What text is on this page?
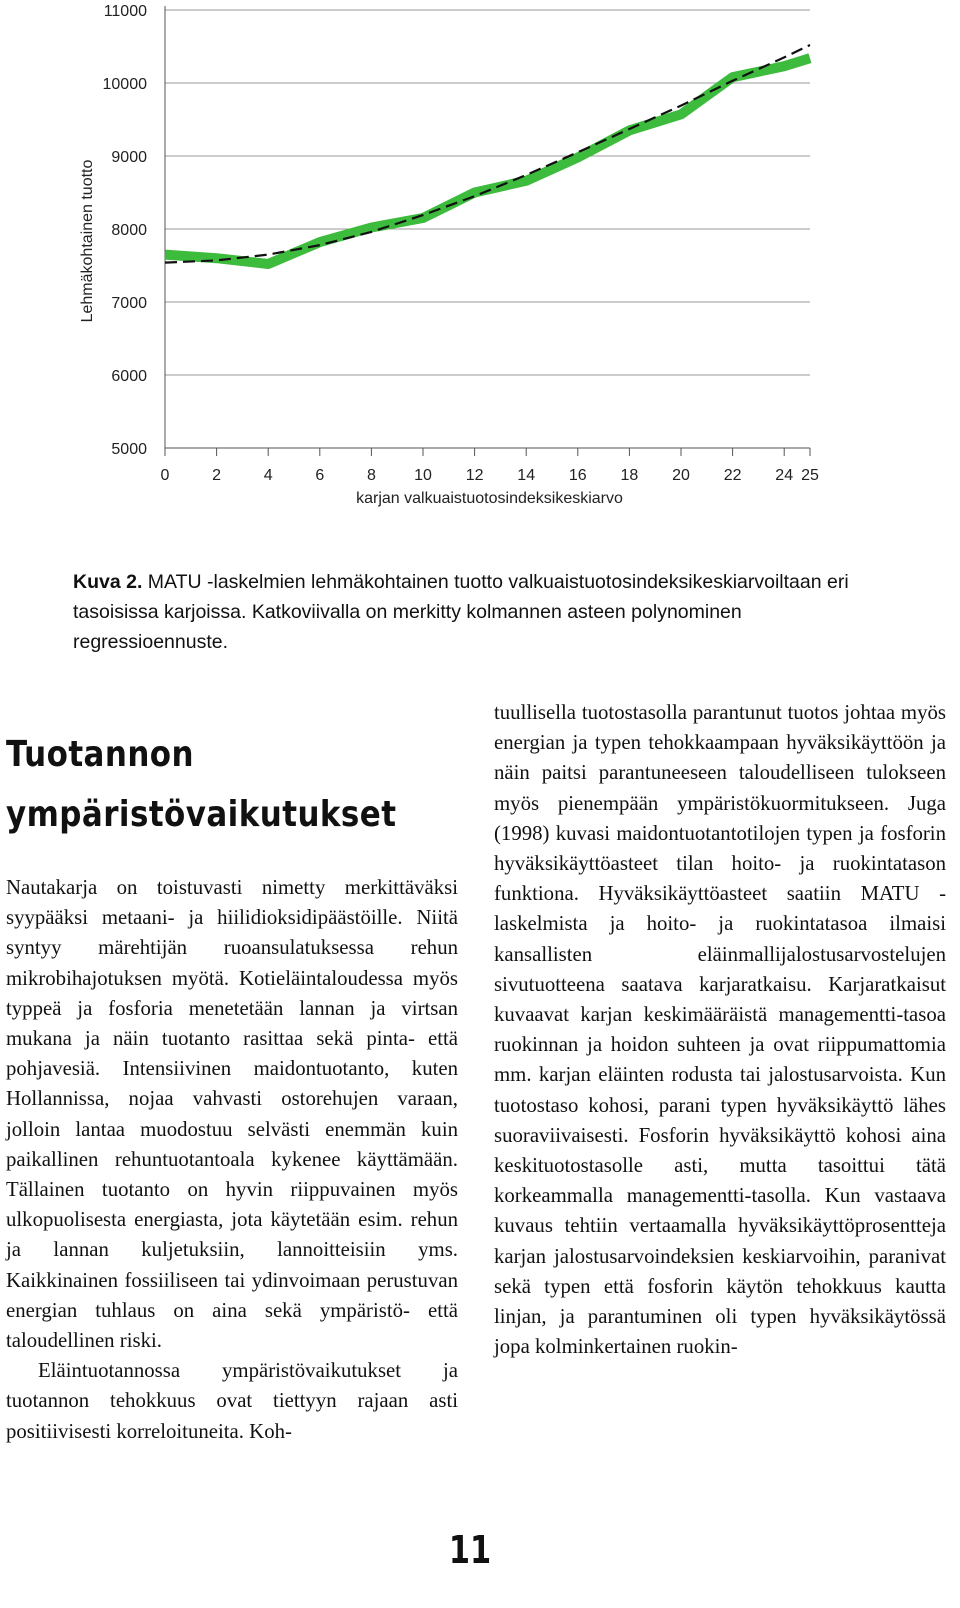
11000
10000
9000
8000
7000
6000
5000
0	2	4	6	8 10 12 14 16 18 20 22 24 25
karjan valkuaistuotosindeksikeskiarvo
Lehmäkohtainen tuotto
Kuva 2. MATU -laskelmien lehmäkohtainen tuotto valkuaistuotosindeksikeskiarvoiltaan eri tasoisissa karjoissa. Katkoviivalla on merkitty kolmannen asteen polynominen regressioennuste.
Tuotannon ympäristövaikutukset

Nautakarja on toistuvasti nimetty merkittäväksi syypääksi metaani- ja hiilidioksidipäästöille. Niitä syntyy märehtijän ruoansulatuksessa rehun mikrobihajotuksen myötä. Kotieläintaloudessa myös typpeä ja fosforia menetetään lannan ja virtsan mukana ja näin tuotanto rasittaa sekä pinta- että pohjavesiä. Intensiivinen maidontuotanto, kuten Hollannissa, nojaa vahvasti ostorehujen varaan, jolloin lantaa muodostuu selvästi enemmän kuin paikallinen rehuntuotantoala kykenee käyttämään. Tällainen tuotanto on hyvin riippuvainen myös ulkopuolisesta energiasta, jota käytetään esim. rehun ja lannan kuljetuksiin, lannoitteisiin yms. Kaikkinainen fossiiliseen tai ydinvoimaan perustuvan energian tuhlaus on aina sekä ympäristö- että taloudellinen riski.

Eläintuotannossa ympäristövaikutukset ja tuotannon tehokkuus ovat tiettyyn rajaan asti positiivisesti korreloituneita. Koh-

tuullisella tuotostasolla parantunut tuotos johtaa myös energian ja typen tehokkaampaan hyväksikäyttöön ja näin paitsi parantuneeseen taloudelliseen tulokseen myös pienempään ympäristökuormitukseen. Juga (1998) kuvasi maidontuotantotilojen typen ja fosforin hyväksikäyttöasteet tilan hoito- ja ruokintatason funktiona. Hyväksikäyttöasteet saatiin MATU -laskelmista ja hoito- ja ruokintatasoa ilmaisi kansallisten eläinmallijalostusarvostelujen sivutuotteena saatava karjaratkaisu. Karjaratkaisut kuvaavat karjan keskimääräistä managementti-tasoa ruokinnan ja hoidon suhteen ja ovat riippumattomia mm. karjan eläinten rodusta tai jalostusarvoista. Kun tuotostaso kohosi, parani typen hyväksikäyttö lähes suoraviivaisesti. Fosforin hyväksikäyttö kohosi aina keskituotostasolle asti, mutta tasoittui tätä korkeammalla managementti-tasolla. Kun vastaava kuvaus tehtiin vertaamalla hyväksikäyttöprosentteja karjan jalostusarvoindeksien keskiarvoihin, paranivat sekä typen että fosforin käytön tehokkuus kautta linjan, ja parantuminen oli typen hyväksikäytössä jopa kolminkertainen ruokin-

11
